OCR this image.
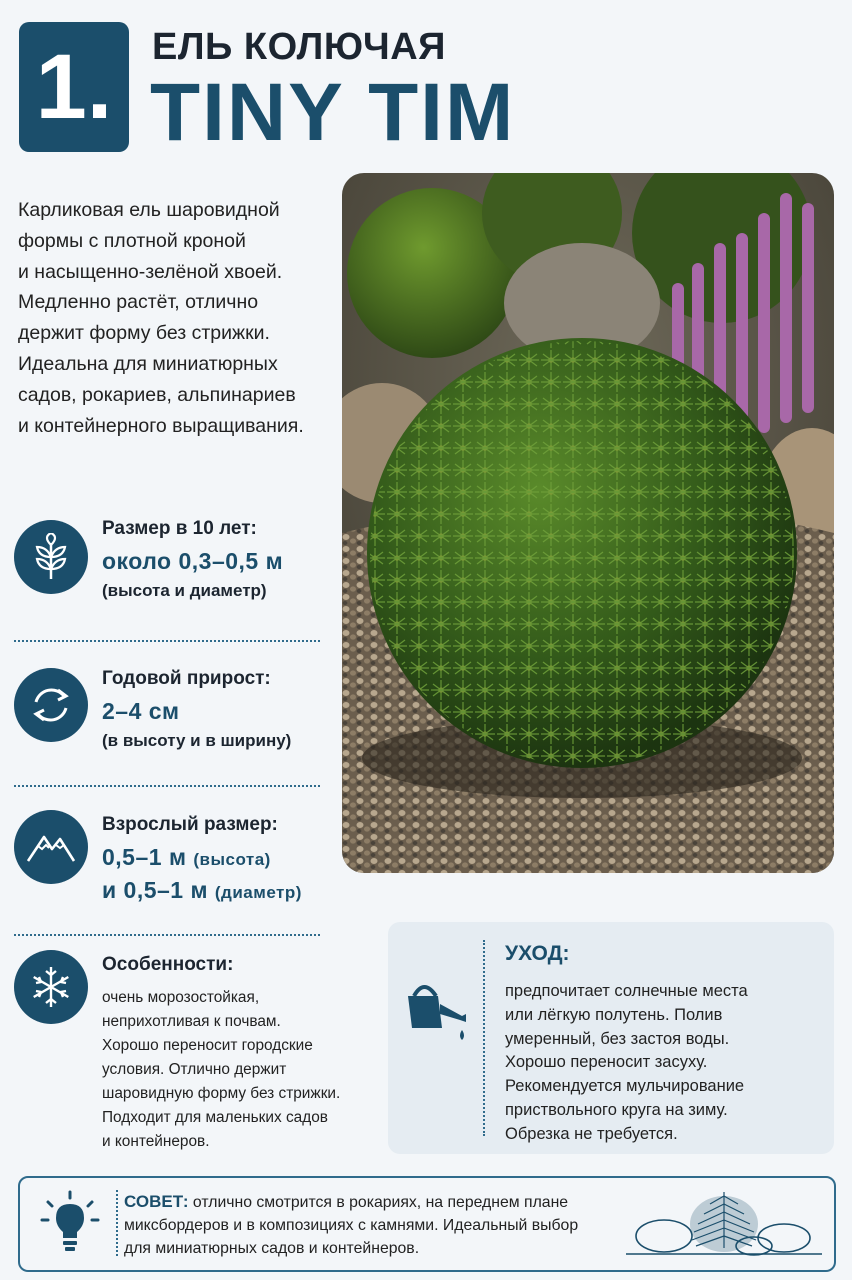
1.	ЕЛЬ КОЛЮЧАЯ
TINY TIM
Карликовая ель шаровидной
формы с плотной кроной
и насыщенно-зелёной хвоей.
Медленно растёт, отлично
держит форму без стрижки.
Идеальна для миниатюрных
садов, рокариев, альпинариев
и контейнерного выращивания.
Размер в 10 лет:
около 0,3–0,5 м
(высота и диаметр)
Годовой прирост:
2–4 см
(в высоту и в ширину)
Взрослый размер:
0,5–1 м (высота)
и 0,5–1 м (диаметр)
Особенности:
очень морозостойкая,
неприхотливая к почвам.
Хорошо переносит городские
условия. Отлично держит
шаровидную форму без стрижки.
Подходит для маленьких садов
и контейнеров.
УХОД:
предпочитает солнечные места
или лёгкую полутень. Полив
умеренный, без застоя воды.
Хорошо переносит засуху.
Рекомендуется мульчирование
приствольного круга на зиму.
Обрезка не требуется.
СОВЕТ: отлично смотрится в рокариях, на переднем плане
миксбордеров и в композициях с камнями. Идеальный выбор
для миниатюрных садов и контейнеров.
